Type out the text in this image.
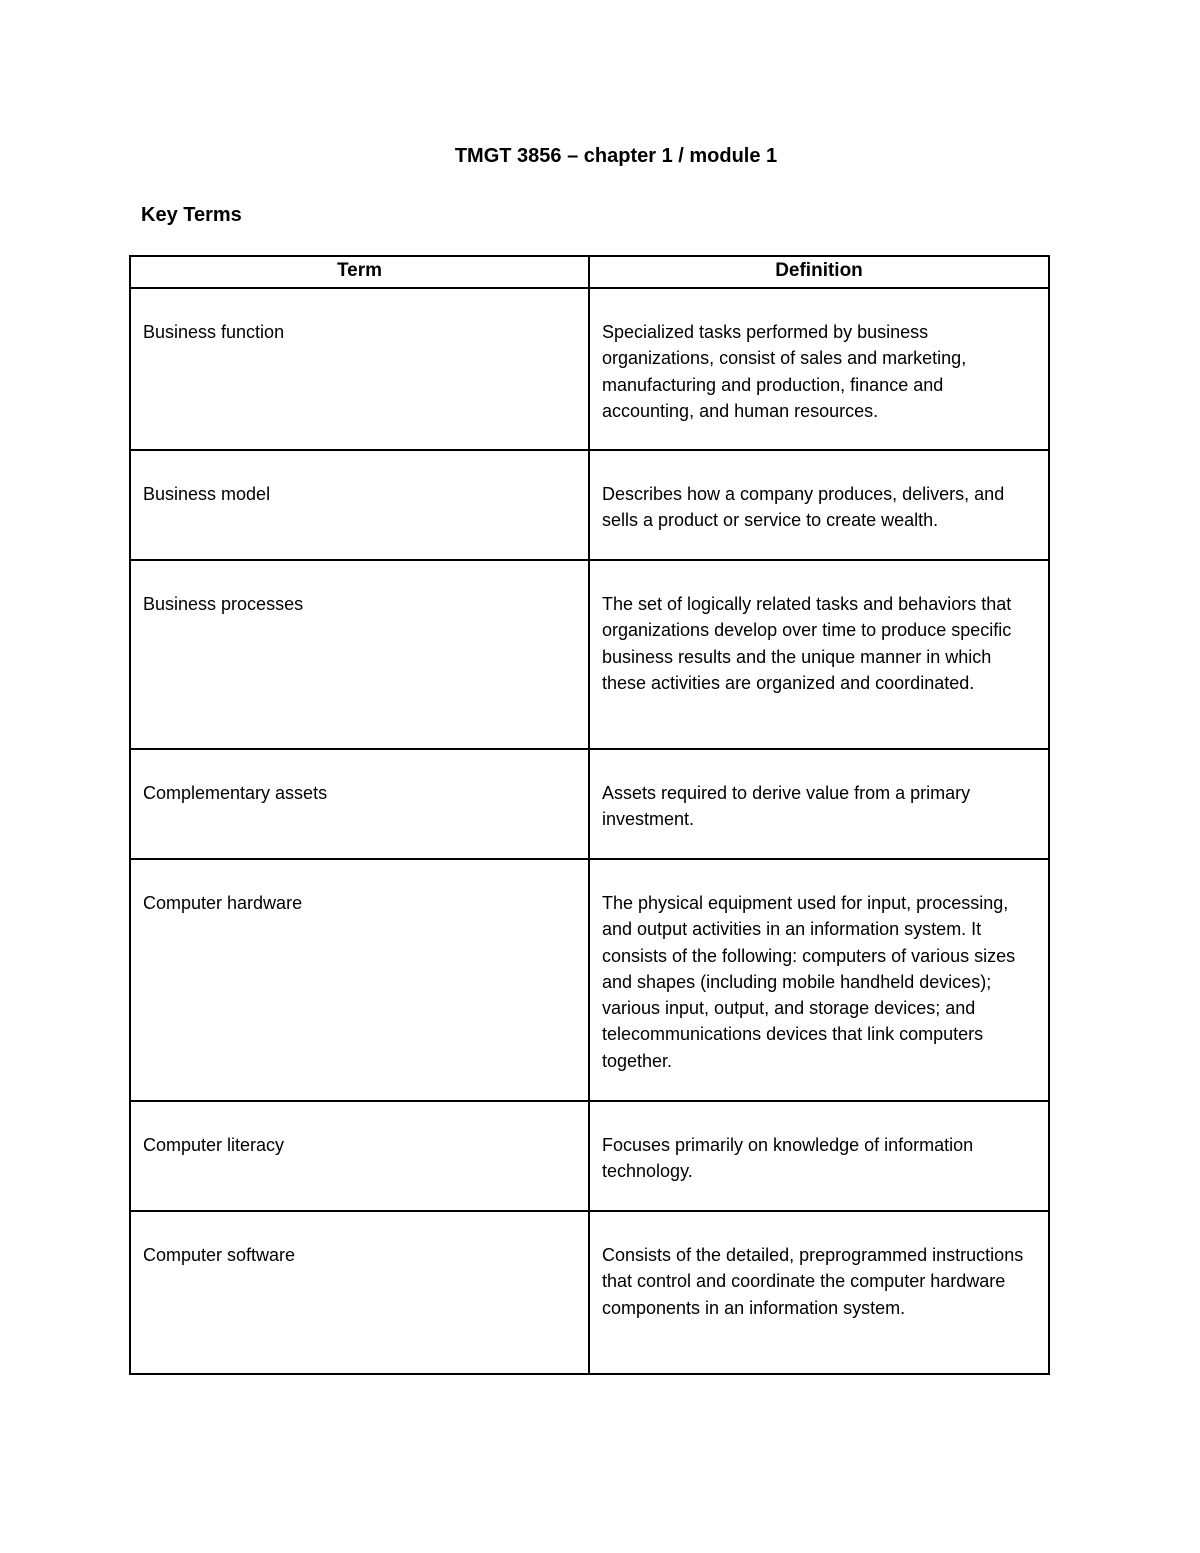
TMGT 3856 – chapter 1 / module 1
Key Terms
Term	Definition
Business function	Specialized tasks performed by business organizations, consist of sales and marketing, manufacturing and production, finance and accounting, and human resources.
Business model	Describes how a company produces, delivers, and sells a product or service to create wealth.
Business processes	The set of logically related tasks and behaviors that organizations develop over time to produce specific business results and the unique manner in which these activities are organized and coordinated.
Complementary assets	Assets required to derive value from a primary investment.
Computer hardware	The physical equipment used for input, processing, and output activities in an information system. It consists of the following: computers of various sizes and shapes (including mobile handheld devices); various input, output, and storage devices; and telecommunications devices that link computers together.
Computer literacy	Focuses primarily on knowledge of information technology.
Computer software	Consists of the detailed, preprogrammed instructions that control and coordinate the computer hardware components in an information system.
